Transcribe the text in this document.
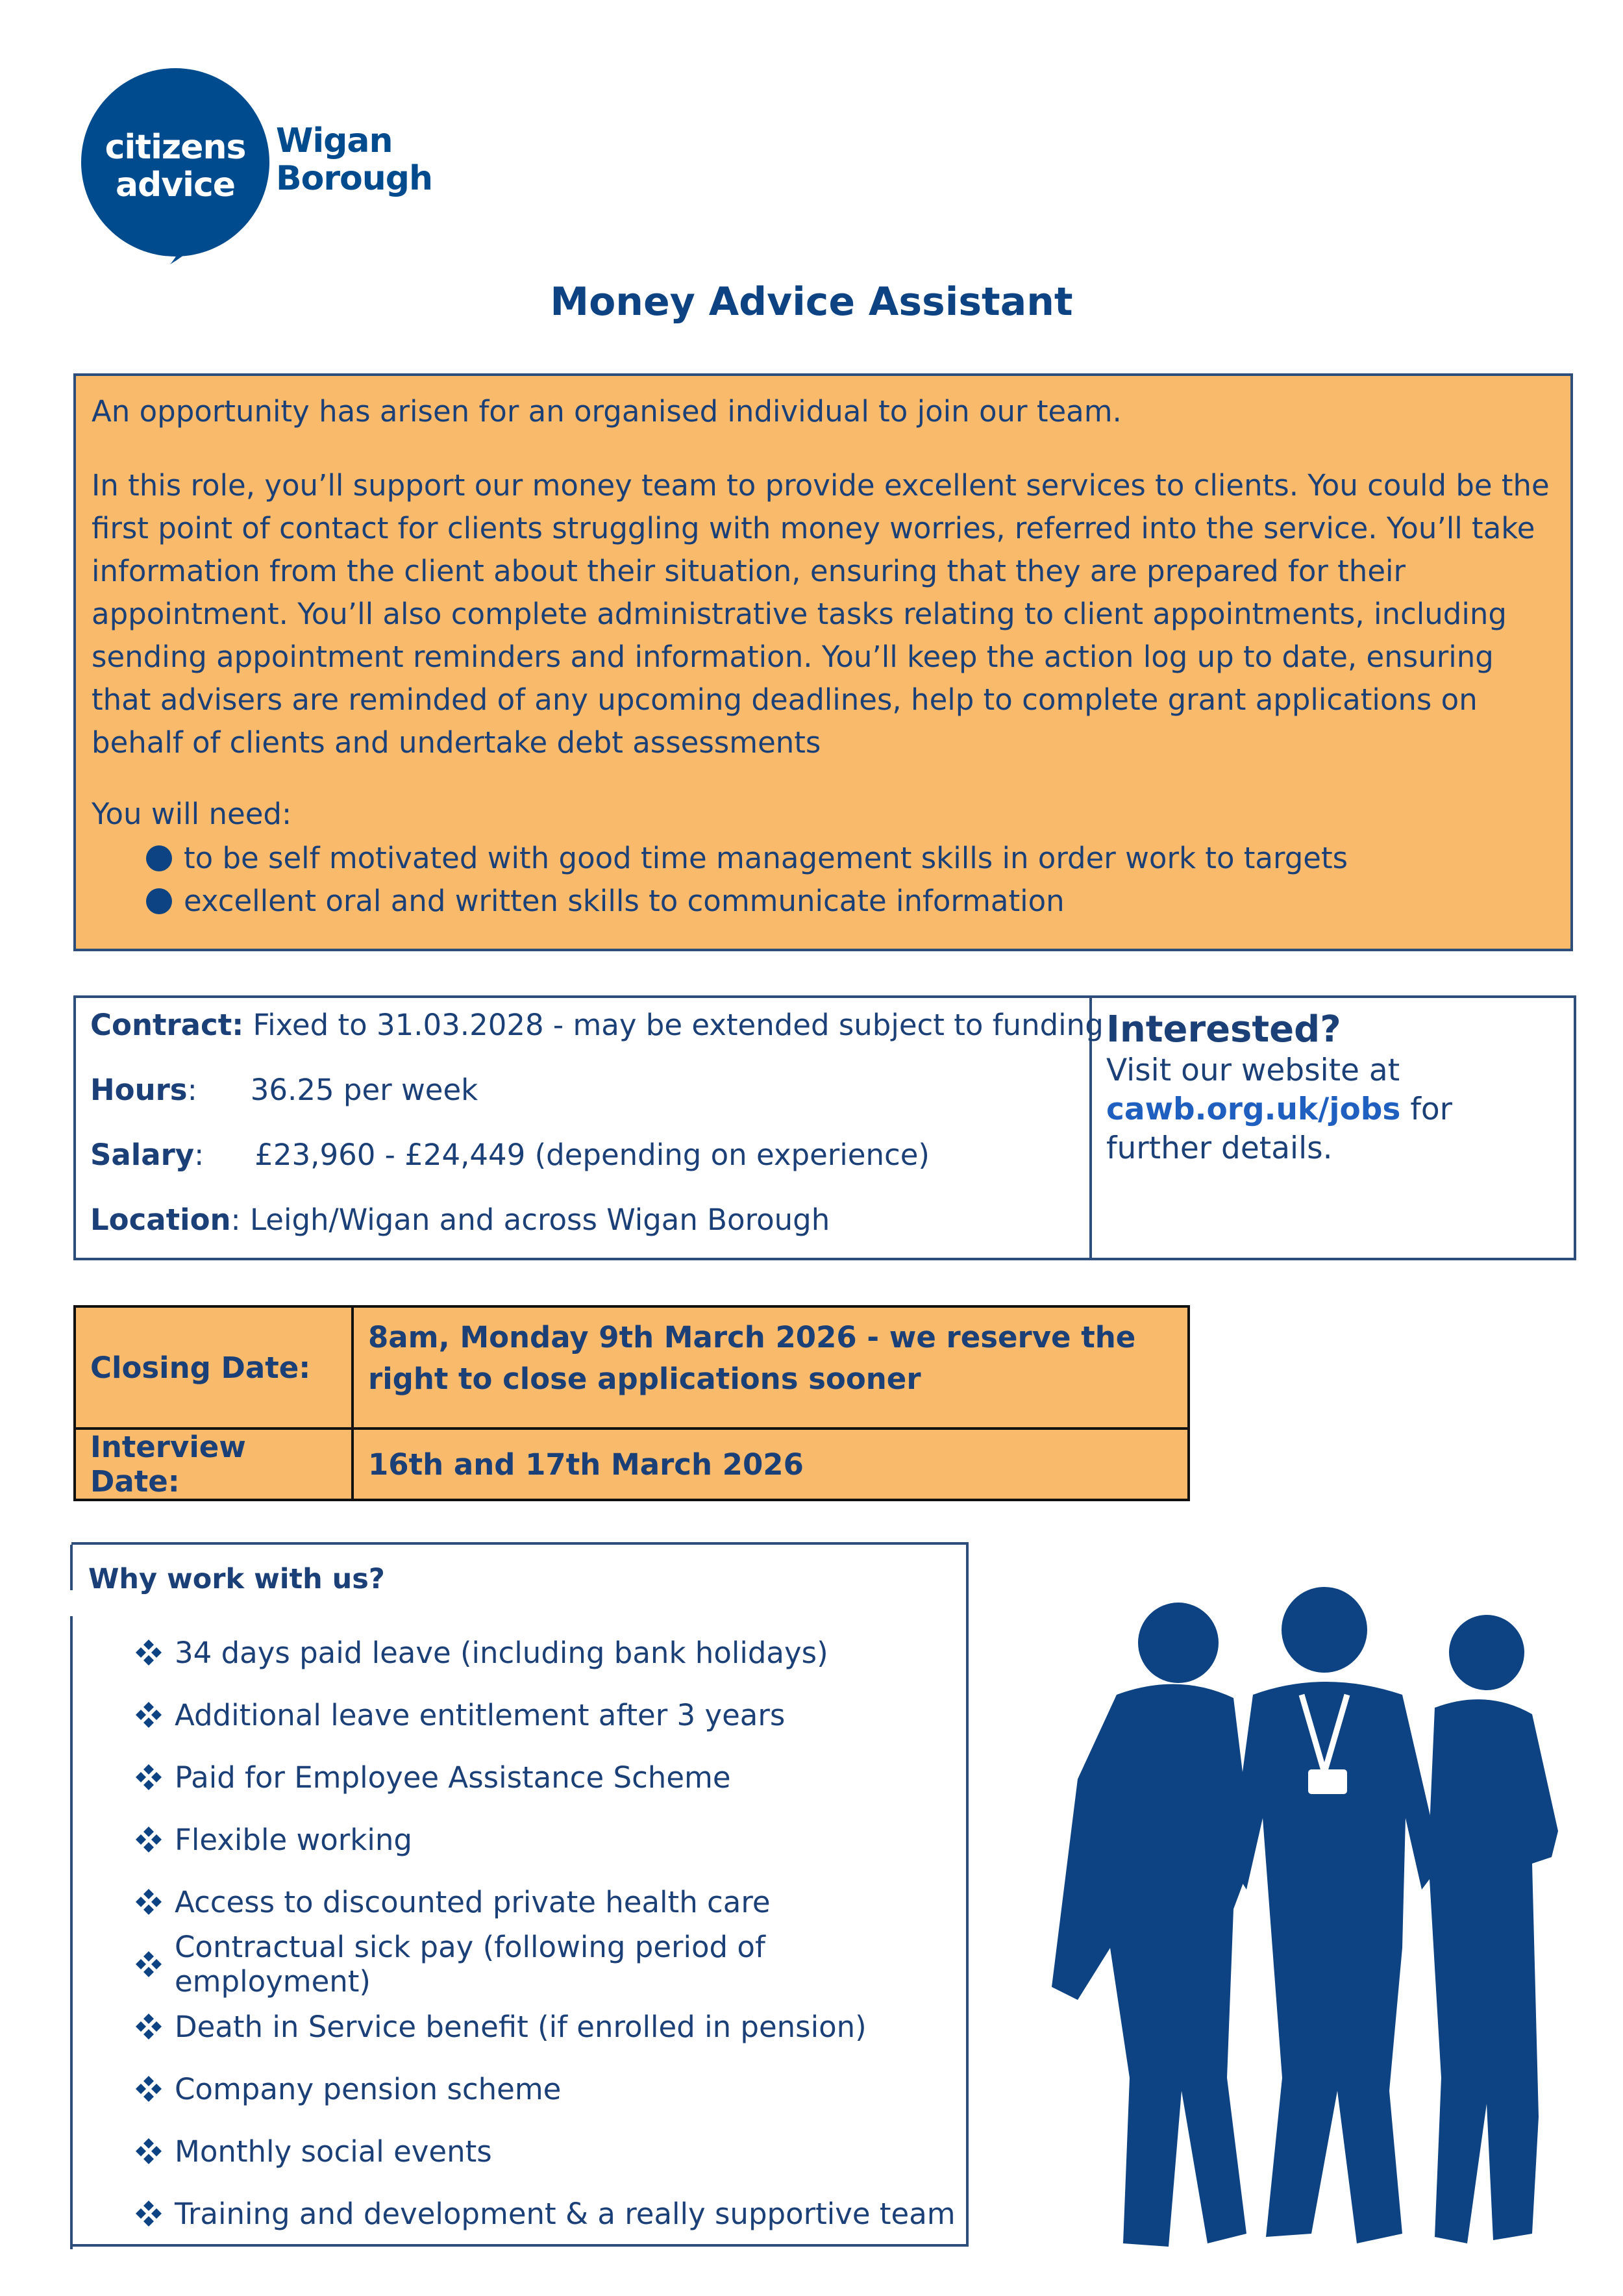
citizens
advice
Wigan
Borough
Money Advice Assistant

An opportunity has arisen for an organised individual to join our team.

In this role, you’ll support our money team to provide excellent services to clients. You could be the first point of contact for clients struggling with money worries, referred into the service. You’ll take information from the client about their situation, ensuring that they are prepared for their appointment. You’ll also complete administrative tasks relating to client appointments, including sending appointment reminders and information. You’ll keep the action log up to date, ensuring that advisers are reminded of any upcoming deadlines, help to complete grant applications on behalf of clients and undertake debt assessments

You will need:

to be self motivated with good time management skills in order work to targets
excellent oral and written skills to communicate information
Contract: Fixed to 31.03.2028 - may be extended subject to funding
Hours: 36.25 per week
Salary: £23,960 - £24,449 (depending on experience)
Location: Leigh/Wigan and across Wigan Borough
Interested?
Visit our website at
cawb.org.uk/jobs for further details.
Closing Date:	8am, Monday 9th March 2026 - we reserve the right to close applications sooner
Interview Date:	16th and 17th March 2026
Why work with us?
34 days paid leave (including bank holidays)
Additional leave entitlement after 3 years
Paid for Employee Assistance Scheme
Flexible working
Access to discounted private health care
Contractual sick pay (following period of employment)
Death in Service benefit (if enrolled in pension)
Company pension scheme
Monthly social events
Training and development & a really supportive team
